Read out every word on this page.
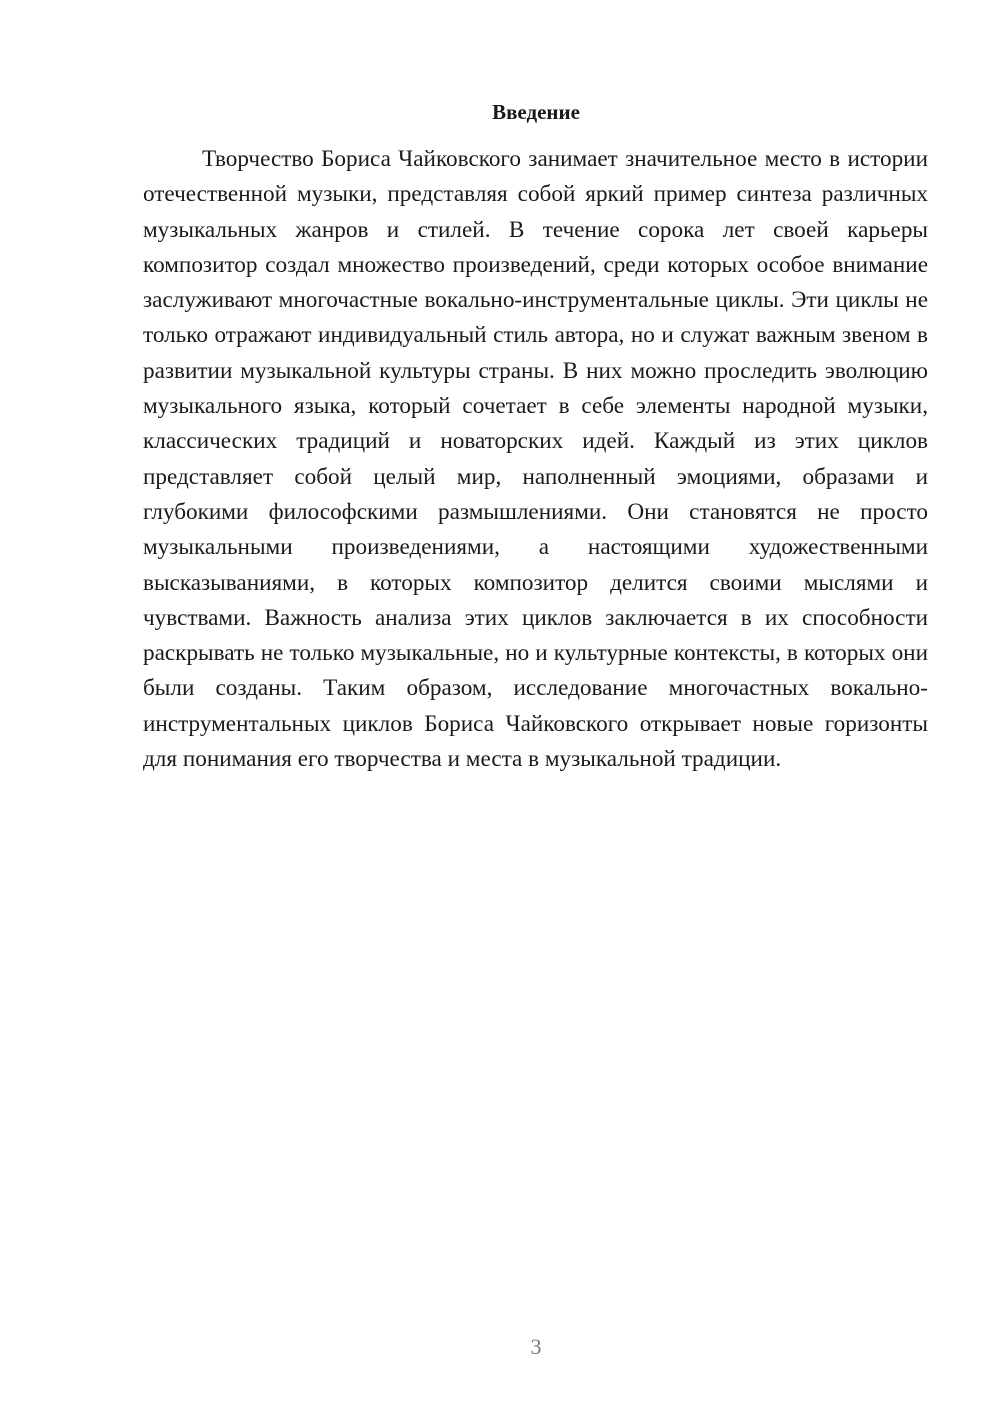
Введение

Творчество Бориса Чайковского занимает значительное место в истории отечественной музыки, представляя собой яркий пример синтеза различных музыкальных жанров и стилей. В течение сорока лет своей карьеры композитор создал множество произведений, среди которых особое внимание заслуживают многочастные вокально-инструментальные циклы. Эти циклы не только отражают индивидуальный стиль автора, но и служат важным звеном в развитии музыкальной культуры страны. В них можно проследить эволюцию музыкального языка, который сочетает в себе элементы народной музыки, классических традиций и новаторских идей. Каждый из этих циклов представляет собой целый мир, наполненный эмоциями, образами и глубокими философскими размышлениями. Они становятся не просто музыкальными произведениями, а настоящими художественными высказываниями, в которых композитор делится своими мыслями и чувствами. Важность анализа этих циклов заключается в их способности раскрывать не только музыкальные, но и культурные контексты, в которых они были созданы. Таким образом, исследование многочастных вокально-инструментальных циклов Бориса Чайковского открывает новые горизонты для понимания его творчества и места в музыкальной традиции.

3
